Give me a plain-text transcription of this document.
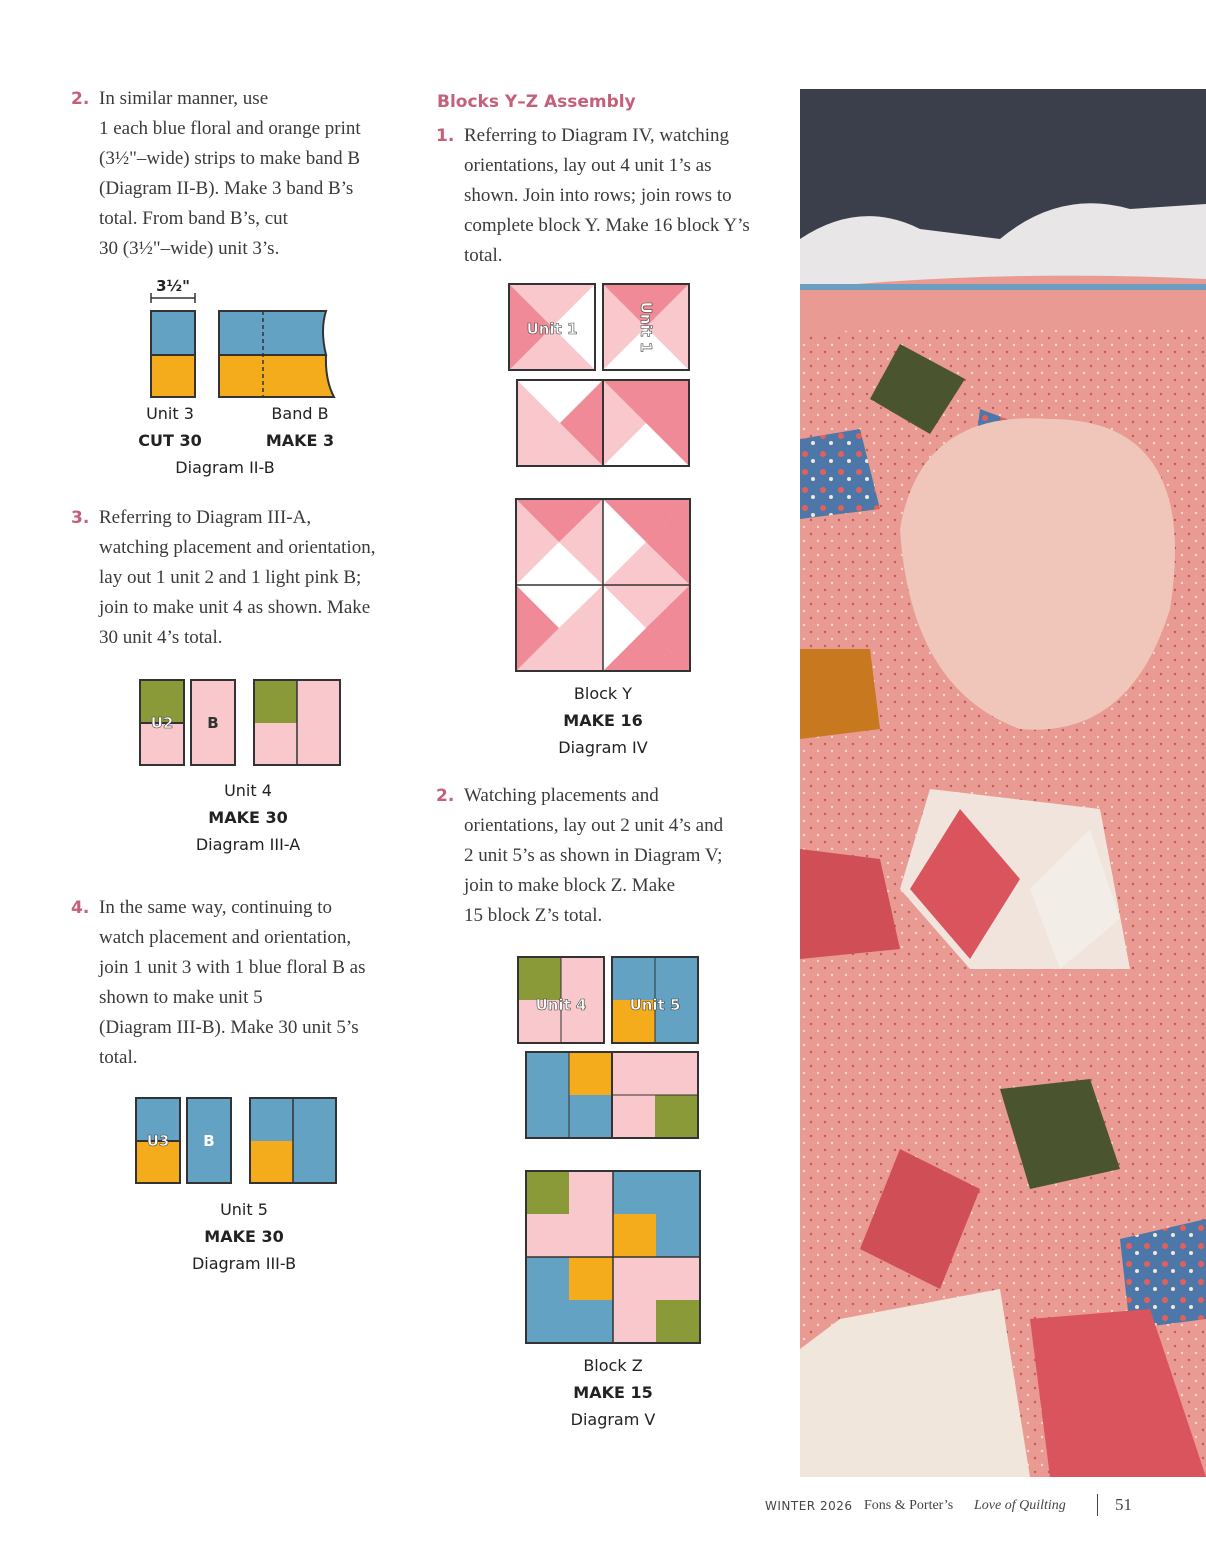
2. In similar manner, use
1 each blue floral and orange print
(3½"–wide) strips to make band B
(Diagram II-B). Make 3 band B’s
total. From band B’s, cut
30 (3½"–wide) unit 3’s.

3½"
Unit 3
CUT 30
Band B
MAKE 3
Diagram II-B
3. Referring to Diagram III-A,
watching placement and orientation,
lay out 1 unit 2 and 1 light pink B;
join to make unit 4 as shown. Make
30 unit 4’s total.

U2 B
Unit 4
MAKE 30
Diagram III-A
4. In the same way, continuing to
watch placement and orientation,
join 1 unit 3 with 1 blue floral B as
shown to make unit 5
(Diagram III-B). Make 30 unit 5’s
total.

U3 B
Unit 5
MAKE 30
Diagram III-B
Blocks Y–Z Assembly
1. Referring to Diagram IV, watching
orientations, lay out 4 unit 1’s as
shown. Join into rows; join rows to
complete block Y. Make 16 block Y’s
total.

Unit 1	Unit 1
Block Y
MAKE 16
Diagram IV
2. Watching placements and
orientations, lay out 2 unit 4’s and
2 unit 5’s as shown in Diagram V;
join to make block Z. Make
15 block Z’s total.

Unit 4	Unit 5
Block Z
MAKE 15
Diagram V
WINTER 2026 Fons & Porter’s Love of Quilting	51
